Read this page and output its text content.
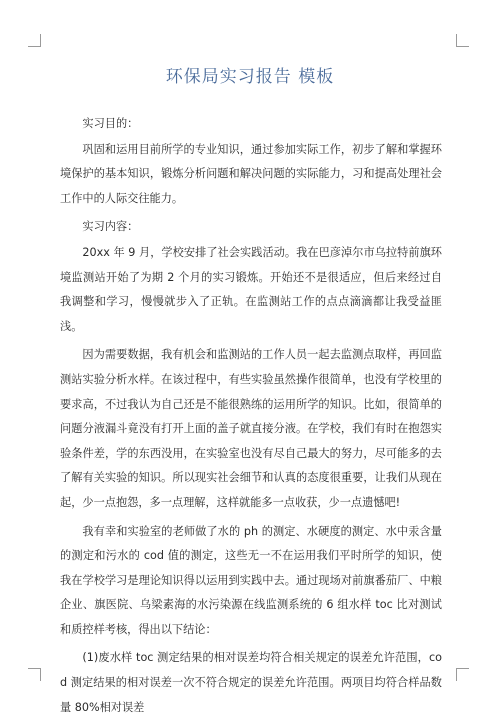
环保局实习报告 模板

实习目的：

巩固和运用目前所学的专业知识，通过参加实际工作，初步了解和掌握环境保护的基本知识，锻炼分析问题和解决问题的实际能力，习和提高处理社会工作中的人际交往能力。

实习内容：

20xx 年 9 月，学校安排了社会实践活动。我在巴彦淖尔市乌拉特前旗环境监测站开始了为期 2 个月的实习锻炼。开始还不是很适应，但后来经过自我调整和学习，慢慢就步入了正轨。在监测站工作的点点滴滴都让我受益匪浅。

因为需要数据，我有机会和监测站的工作人员一起去监测点取样，再回监测站实验分析水样。在该过程中，有些实验虽然操作很简单，也没有学校里的要求高，不过我认为自己还是不能很熟练的运用所学的知识。比如，很简单的问题分液漏斗竟没有打开上面的盖子就直接分液。在学校，我们有时在抱怨实验条件差，学的东西没用，在实验室也没有尽自己最大的努力，尽可能多的去了解有关实验的知识。所以现实社会细节和认真的态度很重要，让我们从现在起，少一点抱怨，多一点理解，这样就能多一点收获，少一点遗憾吧!

我有幸和实验室的老师做了水的 ph 的测定、水硬度的测定、水中汞含量的测定和污水的 cod 值的测定，这些无一不在运用我们平时所学的知识，使我在学校学习是理论知识得以运用到实践中去。通过现场对前旗番茄厂、中粮企业、旗医院、乌梁素海的水污染源在线监测系统的 6 组水样 toc 比对测试和质控样考核，得出以下结论：

(1)废水样 toc 测定结果的相对误差均符合相关规定的误差允许范围，cod 测定结果的相对误差一次不符合规定的误差允许范围。两项目均符合样品数量 80%相对误差
